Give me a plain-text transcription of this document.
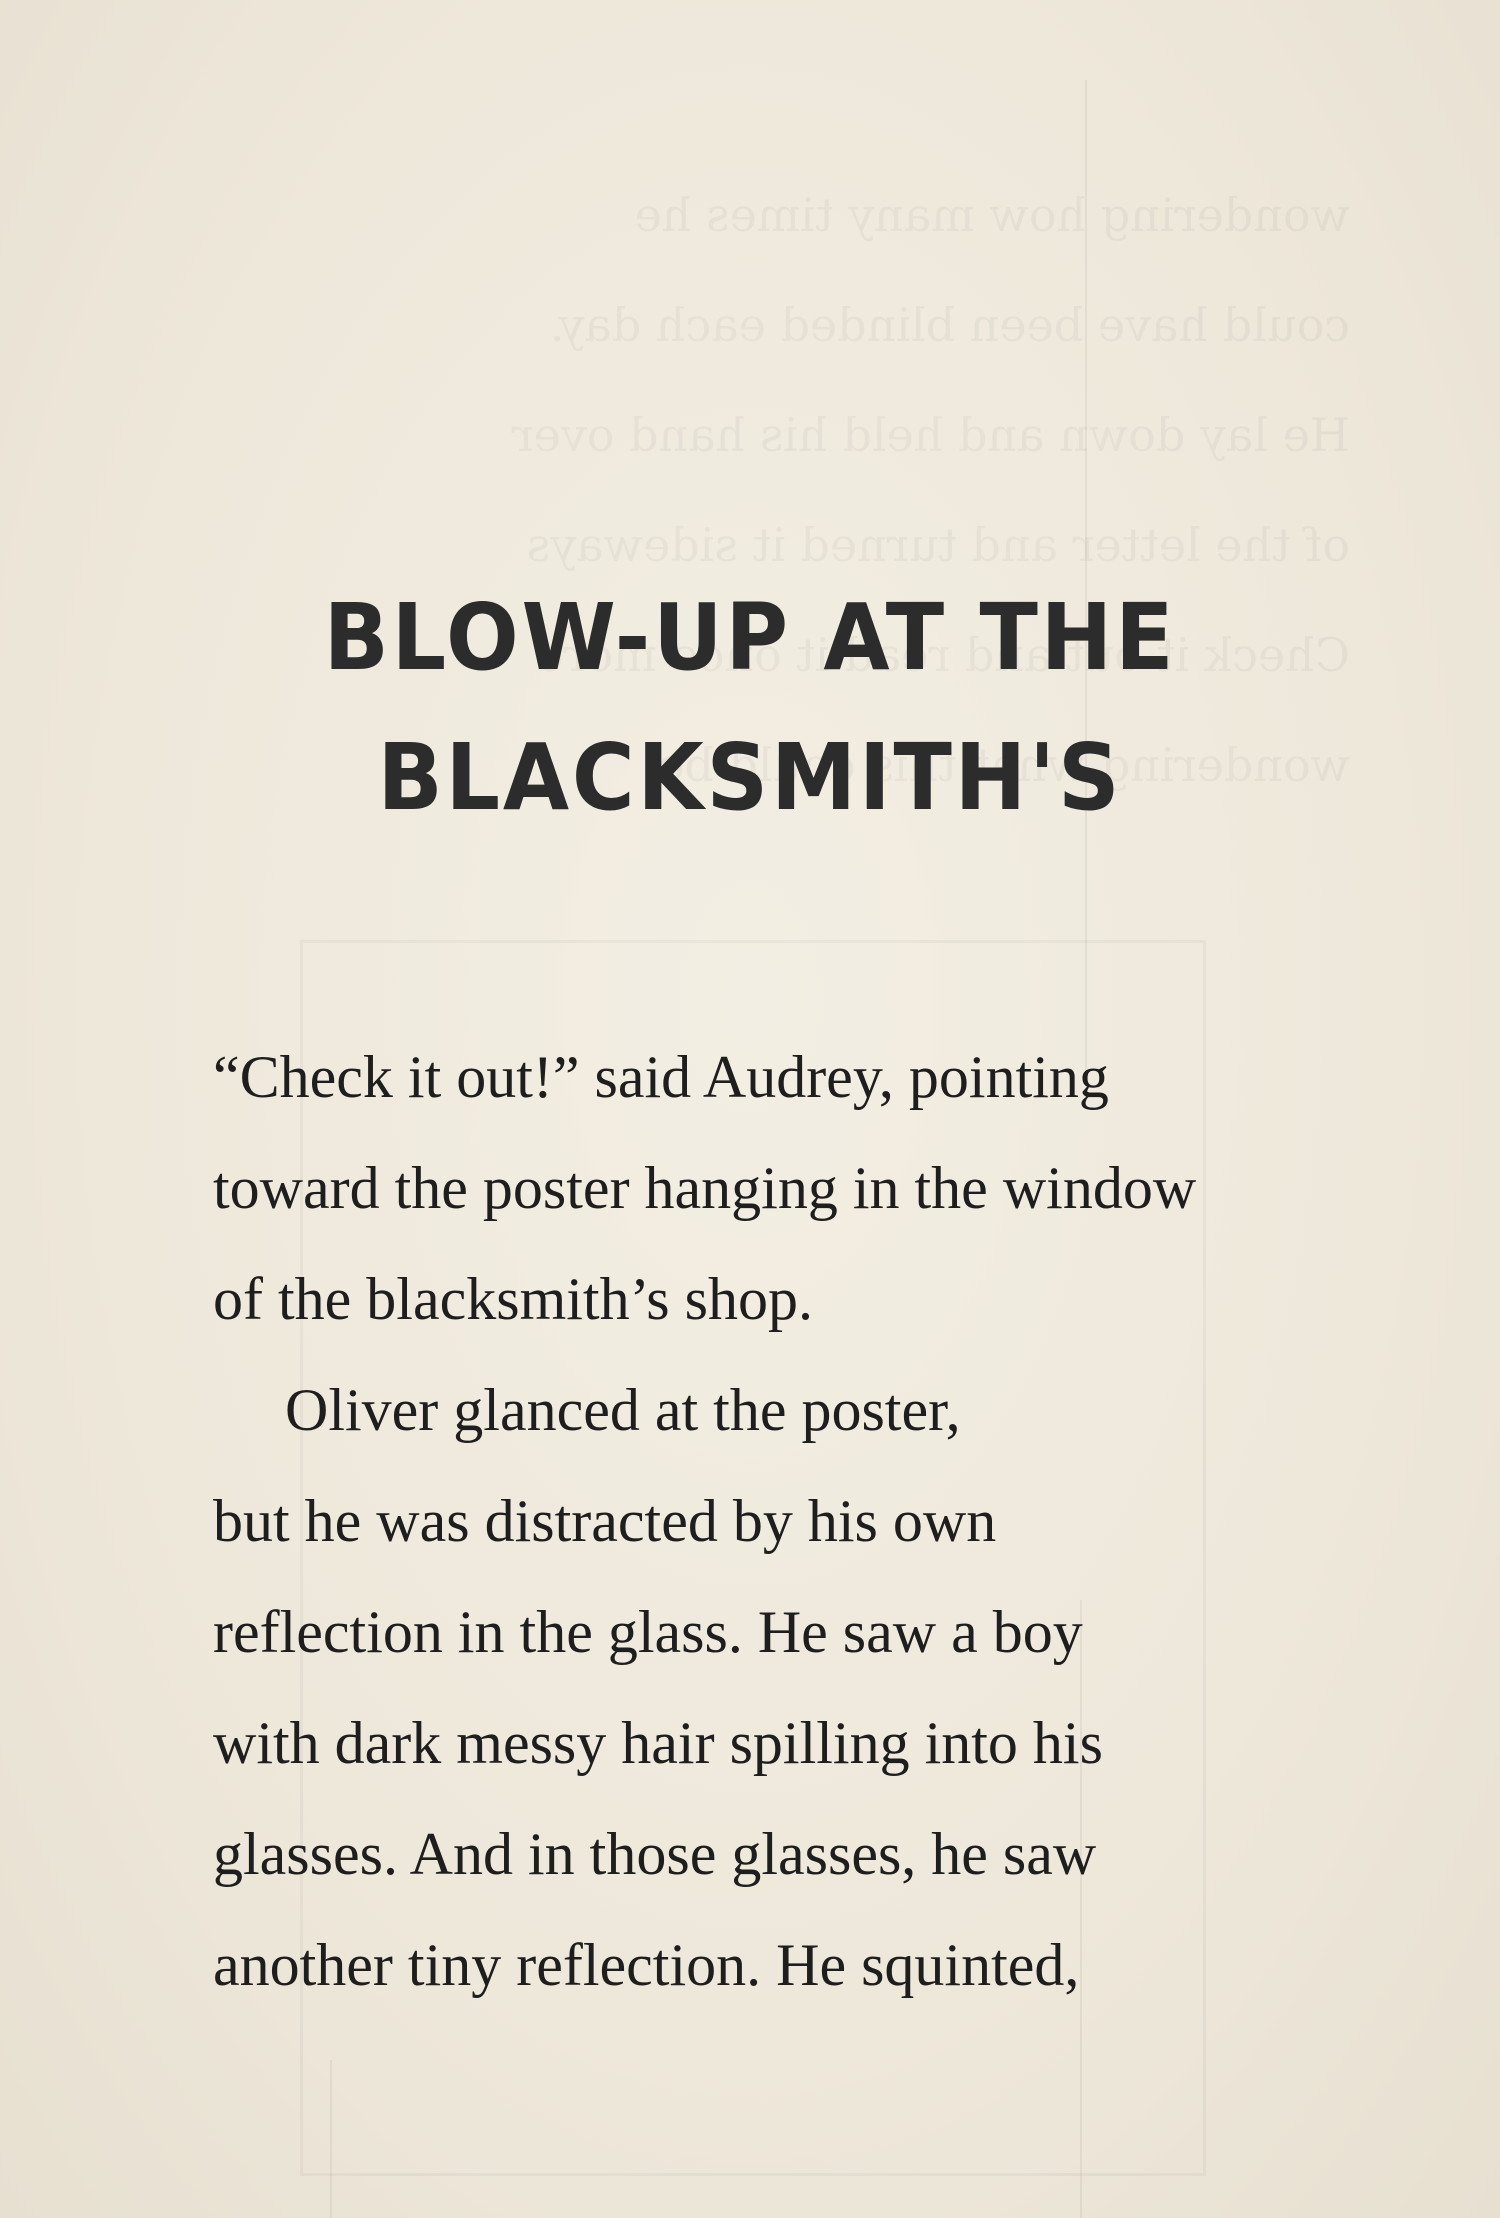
BLOW-UP AT THE
BLACKSMITH'S

“Check it out!” said Audrey, pointing
toward the poster hanging in the window
of the blacksmith’s shop.

Oliver glanced at the poster,
but he was distracted by his own
reflection in the glass. He saw a boy
with dark messy hair spilling into his
glasses. And in those glasses, he saw
another tiny reflection. He squinted,
